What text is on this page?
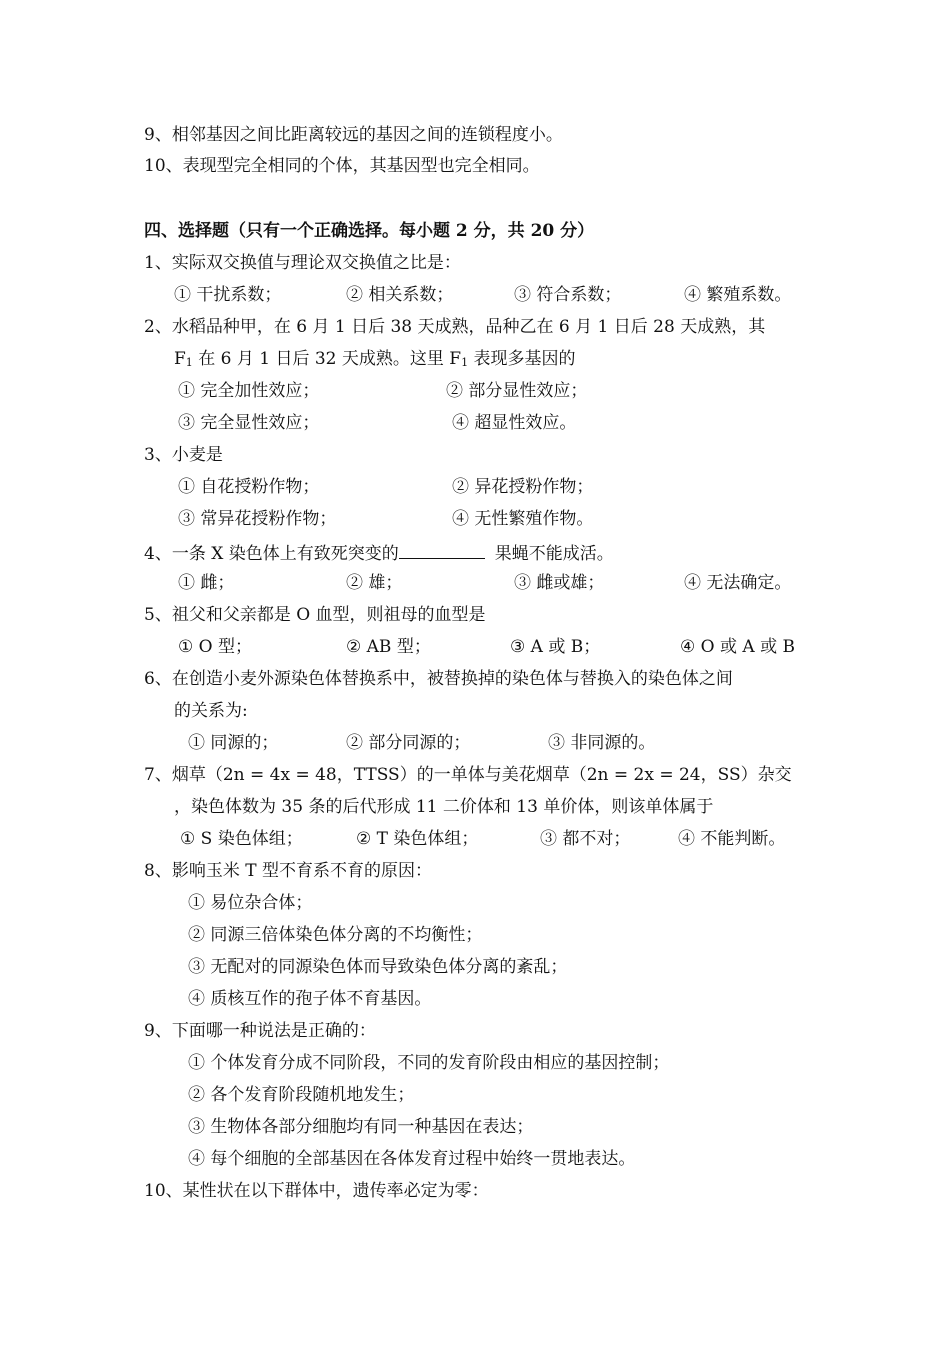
9、相邻基因之间比距离较远的基因之间的连锁程度小。
10、表现型完全相同的个体，其基因型也完全相同。
四、选择题（只有一个正确选择。每小题 2 分，共 20 分）
1、实际双交换值与理论双交换值之比是：
① 干扰系数；	② 相关系数；	③ 符合系数；	④ 繁殖系数。
2、水稻品种甲，在 6 月 1 日后 38 天成熟，品种乙在 6 月 1 日后 28 天成熟，其
$F_1$ 在 6 月 1 日后 32 天成熟。这里 $F_1$ 表现多基因的
① 完全加性效应；	② 部分显性效应；
③ 完全显性效应；	④ 超显性效应。
3、小麦是
① 自花授粉作物；	② 异花授粉作物；
③ 常异花授粉作物；	④ 无性繁殖作物。
4、一条 X 染色体上有致死突变的	果蝇不能成活。
① 雌；	② 雄；	③ 雌或雄；	④ 无法确定。
5、祖父和父亲都是 O 血型，则祖母的血型是
① O 型；	② AB 型；	③ A 或 B；	④ O 或 A 或 B
6、在创造小麦外源染色体替换系中，被替换掉的染色体与替换入的染色体之间
的关系为:
① 同源的；	② 部分同源的；	③ 非同源的。
7、烟草（2n = 4x = 48，TTSS）的一单体与美花烟草（2n = 2x = 24，SS）杂交
，染色体数为 35 条的后代形成 11 二价体和 13 单价体，则该单体属于
① S 染色体组；	② T 染色体组；	③ 都不对；	④ 不能判断。
8、影响玉米 T 型不育系不育的原因：
① 易位杂合体；
② 同源三倍体染色体分离的不均衡性；
③ 无配对的同源染色体而导致染色体分离的紊乱；
④ 质核互作的孢子体不育基因。
9、下面哪一种说法是正确的：
① 个体发育分成不同阶段，不同的发育阶段由相应的基因控制；
② 各个发育阶段随机地发生；
③ 生物体各部分细胞均有同一种基因在表达；
④ 每个细胞的全部基因在各体发育过程中始终一贯地表达。
10、某性状在以下群体中，遗传率必定为零：
